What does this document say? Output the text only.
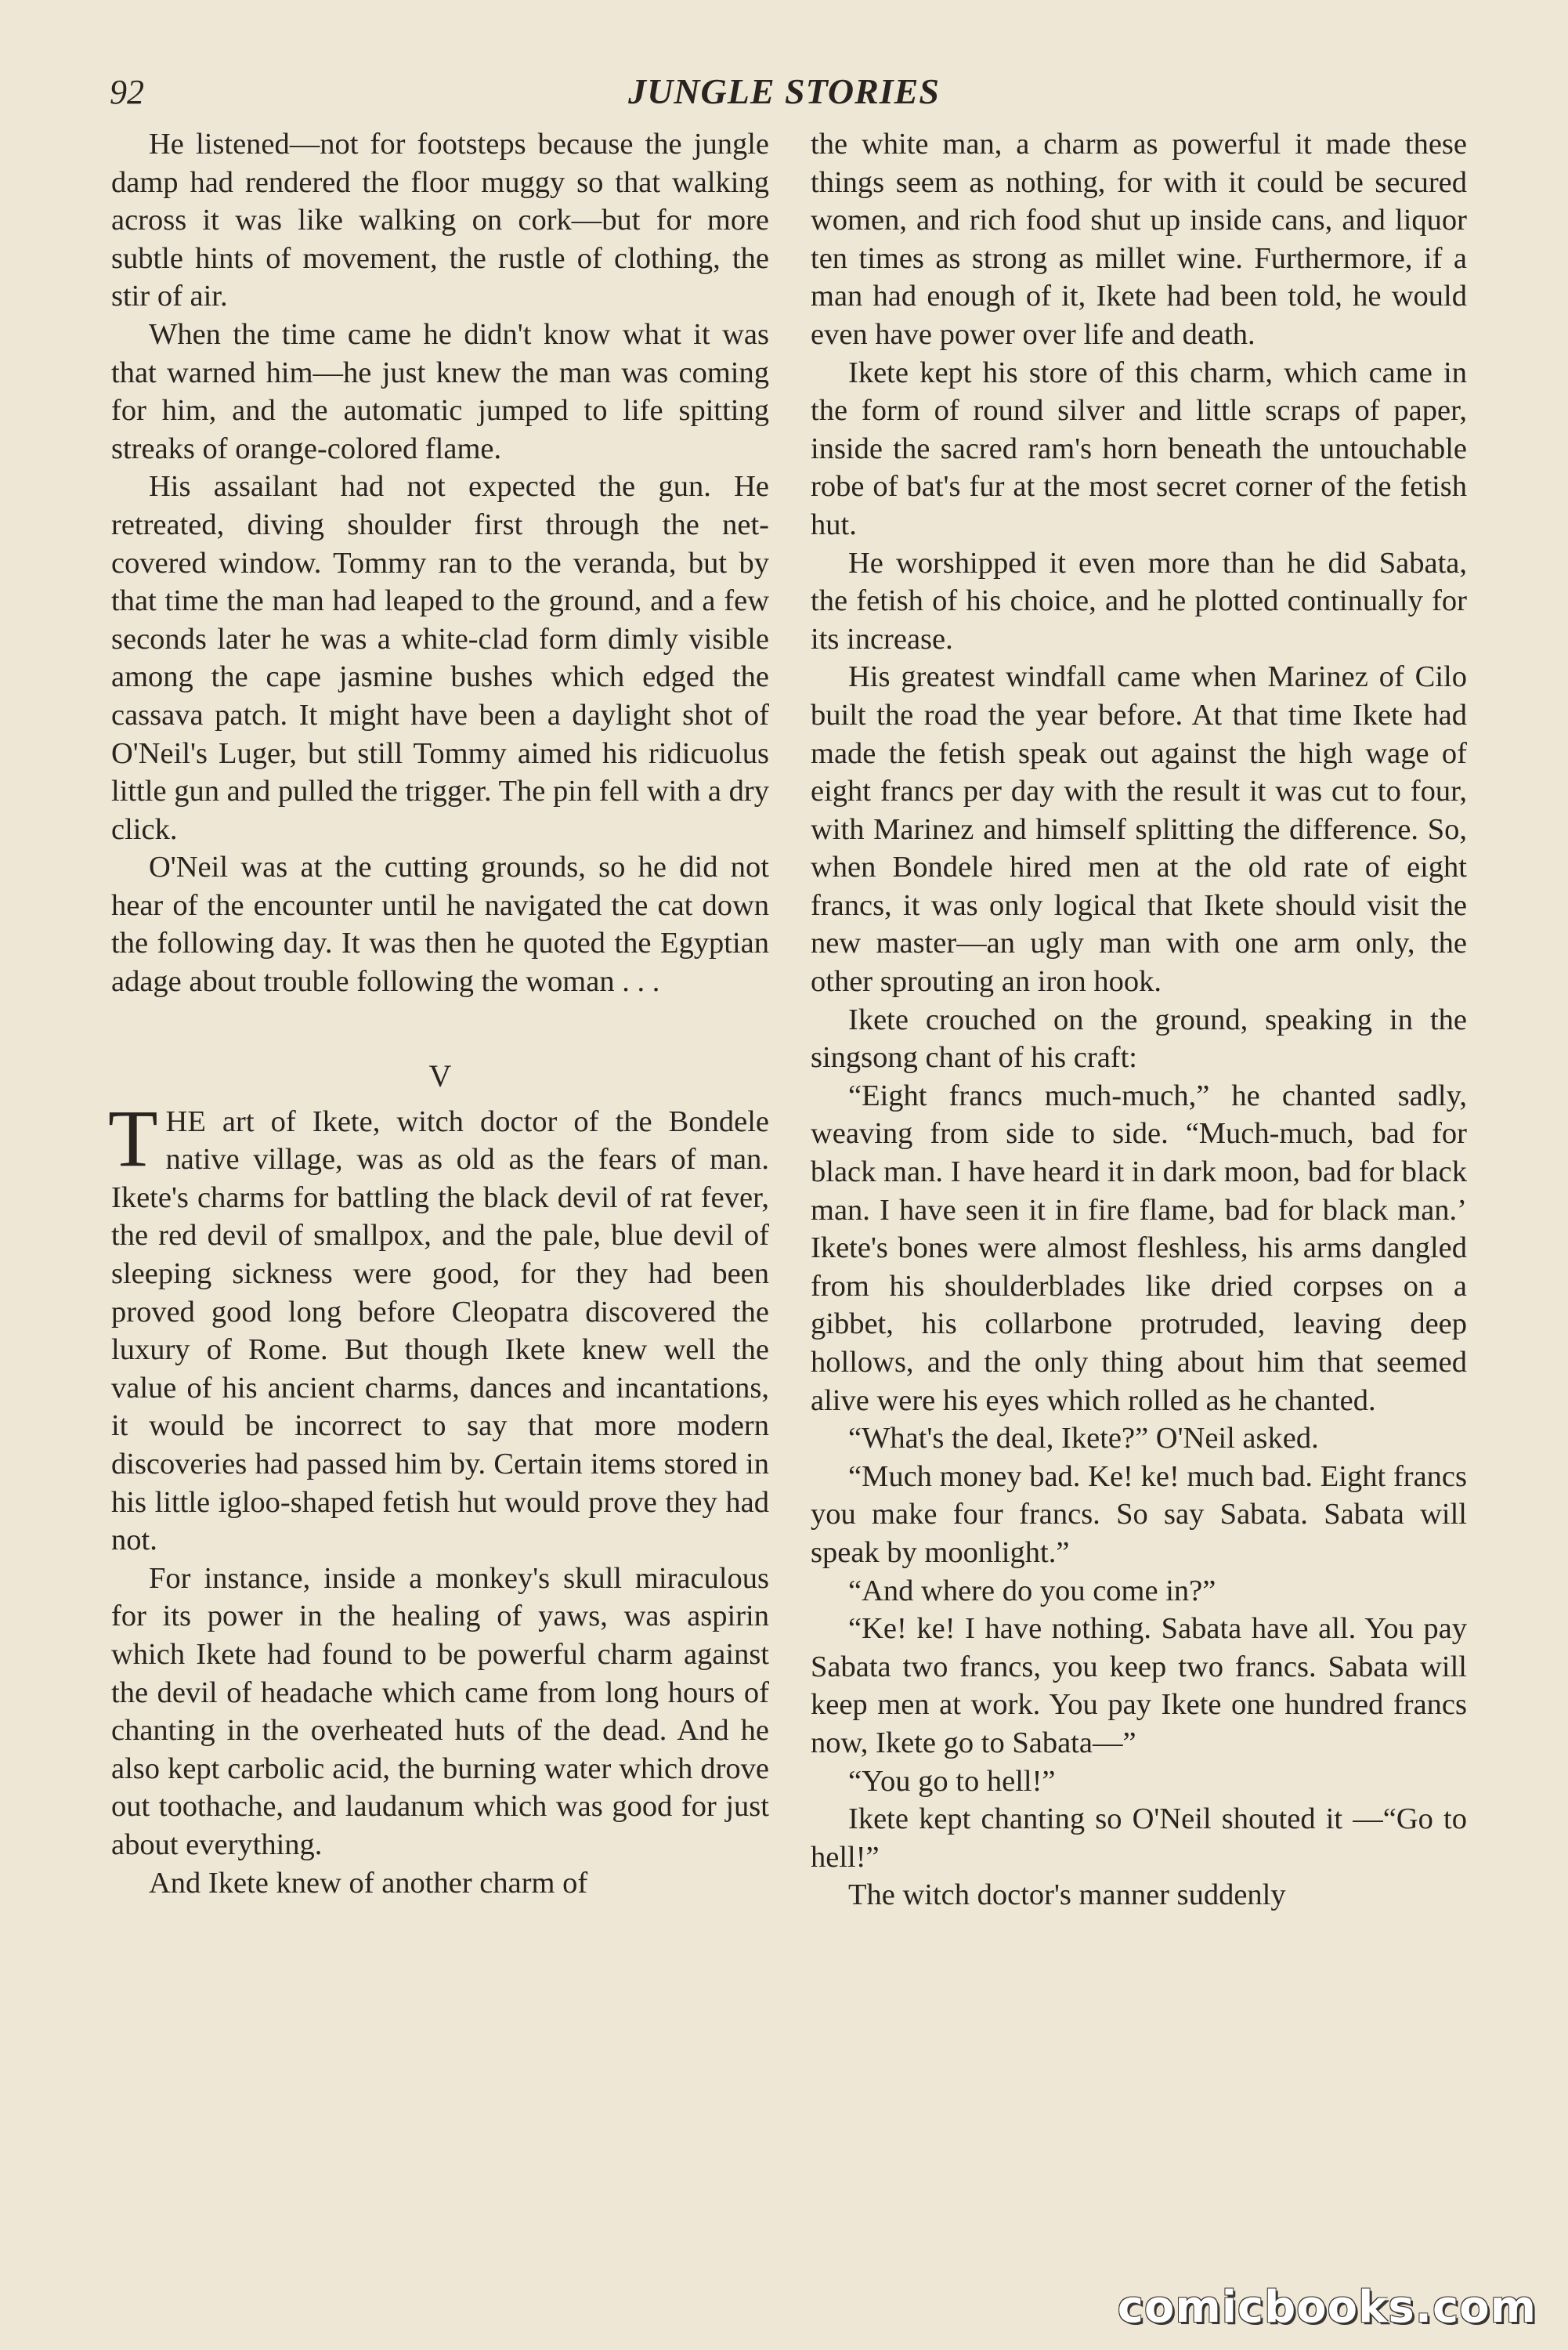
92	JUNGLE STORIES

He listened—not for footsteps because the jungle damp had rendered the floor muggy so that walking across it was like walking on cork—but for more subtle hints of movement, the rustle of clothing, the stir of air.

When the time came he didn't know what it was that warned him—he just knew the man was coming for him, and the automatic jumped to life spitting streaks of orange-colored flame.

His assailant had not expected the gun. He retreated, diving shoulder first through the net-covered window. Tommy ran to the veranda, but by that time the man had leaped to the ground, and a few seconds later he was a white-clad form dimly visible among the cape jasmine bushes which edged the cassava patch. It might have been a daylight shot of O'Neil's Luger, but still Tommy aimed his ridicuolus little gun and pulled the trigger. The pin fell with a dry click.

O'Neil was at the cutting grounds, so he did not hear of the encounter until he navigated the cat down the following day. It was then he quoted the Egyptian adage about trouble following the woman . . .

V

T HE art of Ikete, witch doctor of the Bondele native village, was as old as the fears of man. Ikete's charms for battling the black devil of rat fever, the red devil of smallpox, and the pale, blue devil of sleeping sickness were good, for they had been proved good long before Cleopatra discovered the luxury of Rome. But though Ikete knew well the value of his ancient charms, dances and incantations, it would be incorrect to say that more modern discoveries had passed him by. Certain items stored in his little igloo-shaped fetish hut would prove they had not.

For instance, inside a monkey's skull miraculous for its power in the healing of yaws, was aspirin which Ikete had found to be powerful charm against the devil of headache which came from long hours of chanting in the overheated huts of the dead. And he also kept carbolic acid, the burning water which drove out toothache, and laudanum which was good for just about everything.

And Ikete knew of another charm of

the white man, a charm as powerful it made these things seem as nothing, for with it could be secured women, and rich food shut up inside cans, and liquor ten times as strong as millet wine. Furthermore, if a man had enough of it, Ikete had been told, he would even have power over life and death.

Ikete kept his store of this charm, which came in the form of round silver and little scraps of paper, inside the sacred ram's horn beneath the untouchable robe of bat's fur at the most secret corner of the fetish hut.

He worshipped it even more than he did Sabata, the fetish of his choice, and he plotted continually for its increase.

His greatest windfall came when Marinez of Cilo built the road the year before. At that time Ikete had made the fetish speak out against the high wage of eight francs per day with the result it was cut to four, with Marinez and himself splitting the difference. So, when Bondele hired men at the old rate of eight francs, it was only logical that Ikete should visit the new master—an ugly man with one arm only, the other sprouting an iron hook.

Ikete crouched on the ground, speaking in the singsong chant of his craft:

“Eight francs much-much,” he chanted sadly, weaving from side to side. “Much-much, bad for black man. I have heard it in dark moon, bad for black man. I have seen it in fire flame, bad for black man.’ Ikete's bones were almost fleshless, his arms dangled from his shoulderblades like dried corpses on a gibbet, his collarbone protruded, leaving deep hollows, and the only thing about him that seemed alive were his eyes which rolled as he chanted.

“What's the deal, Ikete?” O'Neil asked.

“Much money bad. Ke! ke! much bad. Eight francs you make four francs. So say Sabata. Sabata will speak by moonlight.”

“And where do you come in?”

“Ke! ke! I have nothing. Sabata have all. You pay Sabata two francs, you keep two francs. Sabata will keep men at work. You pay Ikete one hundred francs now, Ikete go to Sabata—”

“You go to hell!”

Ikete kept chanting so O'Neil shouted it —“Go to hell!”

The witch doctor's manner suddenly

comicbooks.com
